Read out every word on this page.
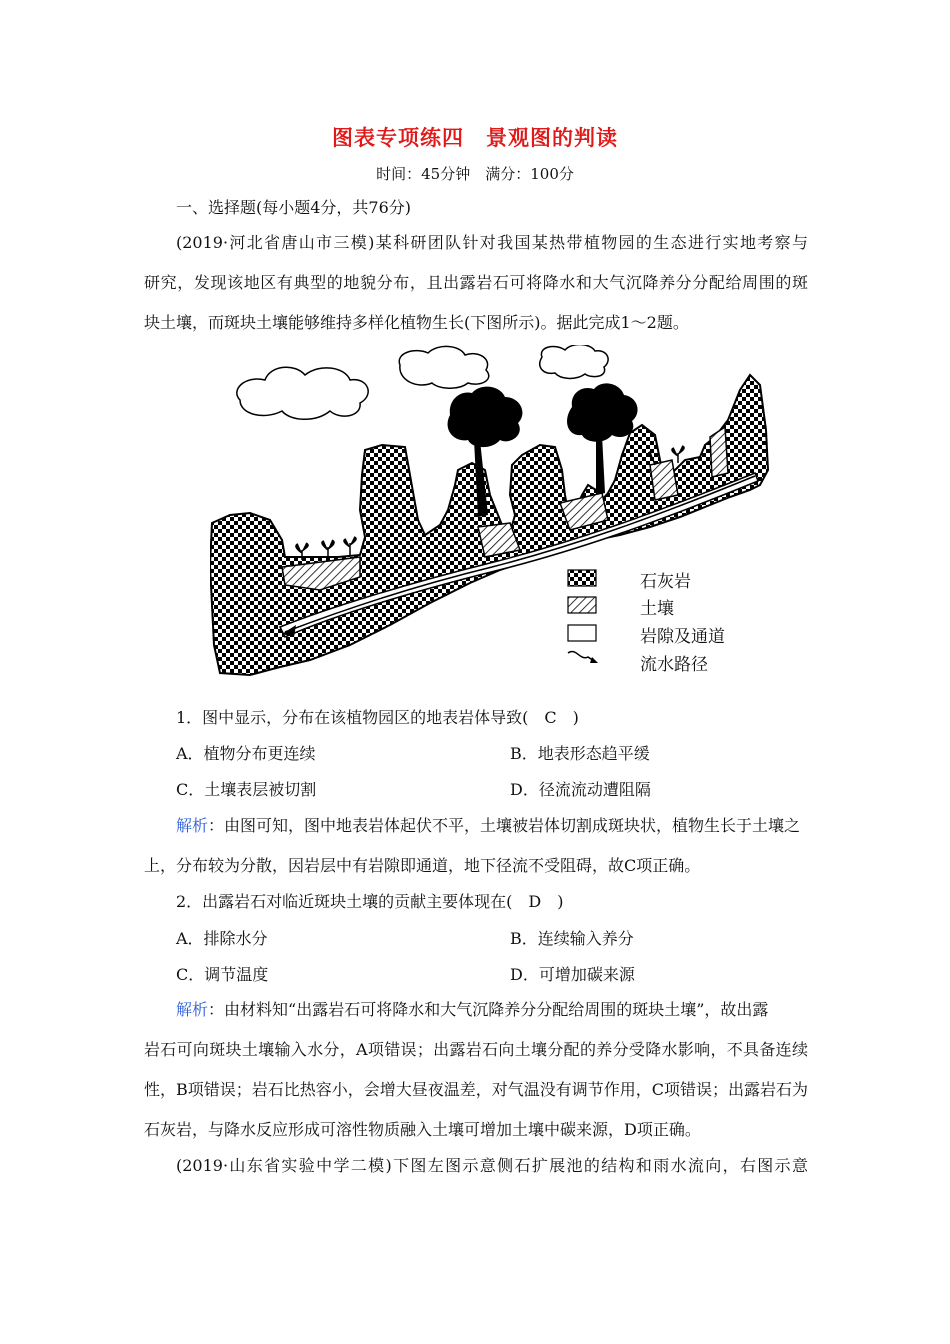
图表专项练四　景观图的判读
时间：45分钟　满分：100分
一、选择题(每小题4分，共76分)
(2019·河北省唐山市三模)某科研团队针对我国某热带植物园的生态进行实地考察与
研究，发现该地区有典型的地貌分布，且出露岩石可将降水和大气沉降养分分配给周围的斑
块土壤，而斑块土壤能够维持多样化植物生长(下图所示)。据此完成1～2题。
石灰岩
土壤
岩隙及通道
流水路径
1．图中显示，分布在该植物园区的地表岩体导致(　C　)
A．植物分布更连续	B．地表形态趋平缓
C．土壤表层被切割	D．径流流动遭阻隔
解析：由图可知，图中地表岩体起伏不平，土壤被岩体切割成斑块状，植物生长于土壤之
上，分布较为分散，因岩层中有岩隙即通道，地下径流不受阻碍，故C项正确。
2．出露岩石对临近斑块土壤的贡献主要体现在(　D　)
A．排除水分	B．连续输入养分
C．调节温度	D．可增加碳来源
解析：由材料知“出露岩石可将降水和大气沉降养分分配给周围的斑块土壤”，故出露
岩石可向斑块土壤输入水分，A项错误；出露岩石向土壤分配的养分受降水影响，不具备连续
性，B项错误；岩石比热容小，会增大昼夜温差，对气温没有调节作用，C项错误；出露岩石为
石灰岩，与降水反应形成可溶性物质融入土壤可增加土壤中碳来源，D项正确。
(2019·山东省实验中学二模)下图左图示意侧石扩展池的结构和雨水流向，右图示意
